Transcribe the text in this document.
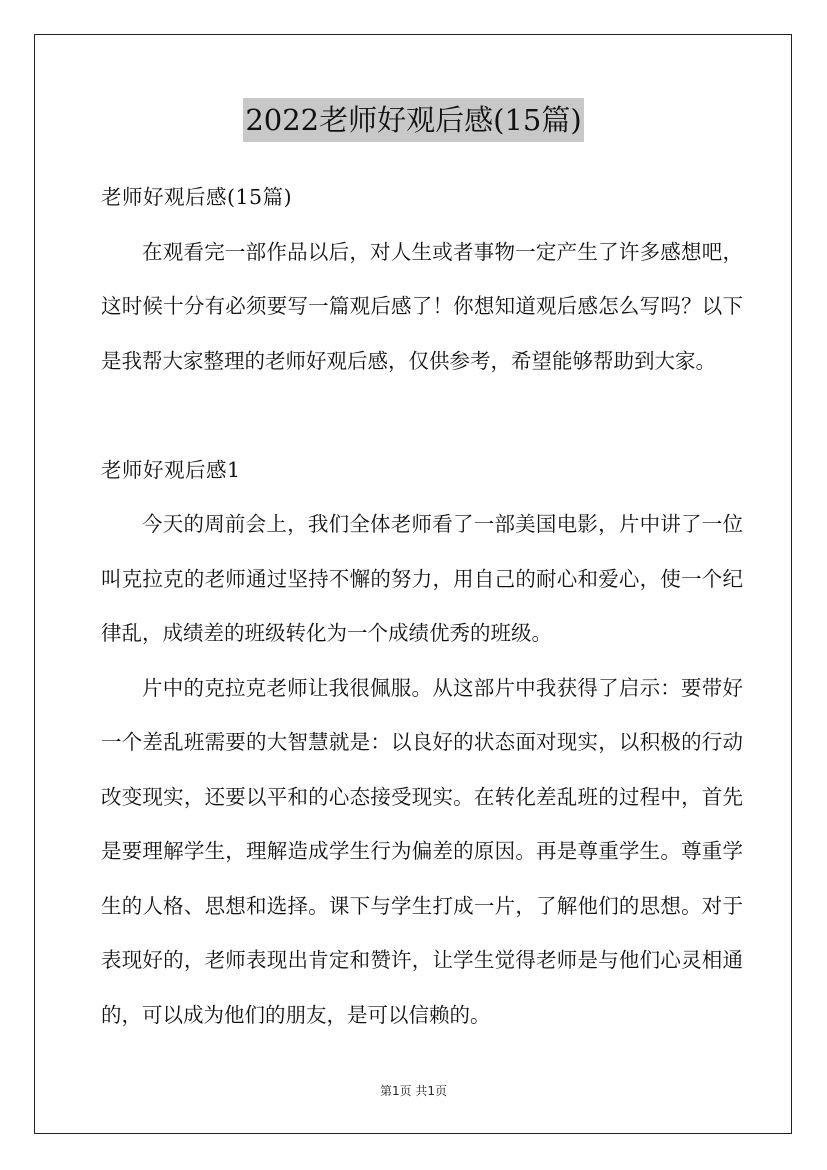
2022老师好观后感(15篇)

老师好观后感(15篇)

在观看完一部作品以后，对人生或者事物一定产生了许多感想吧，这时候十分有必须要写一篇观后感了！你想知道观后感怎么写吗？以下是我帮大家整理的老师好观后感，仅供参考，希望能够帮助到大家。

老师好观后感1

今天的周前会上，我们全体老师看了一部美国电影，片中讲了一位叫克拉克的老师通过坚持不懈的努力，用自己的耐心和爱心，使一个纪律乱，成绩差的班级转化为一个成绩优秀的班级。

片中的克拉克老师让我很佩服。从这部片中我获得了启示：要带好一个差乱班需要的大智慧就是：以良好的状态面对现实，以积极的行动改变现实，还要以平和的心态接受现实。在转化差乱班的过程中，首先是要理解学生，理解造成学生行为偏差的原因。再是尊重学生。尊重学生的人格、思想和选择。课下与学生打成一片，了解他们的思想。对于表现好的，老师表现出肯定和赞许，让学生觉得老师是与他们心灵相通的，可以成为他们的朋友，是可以信赖的。

第1页 共1页
